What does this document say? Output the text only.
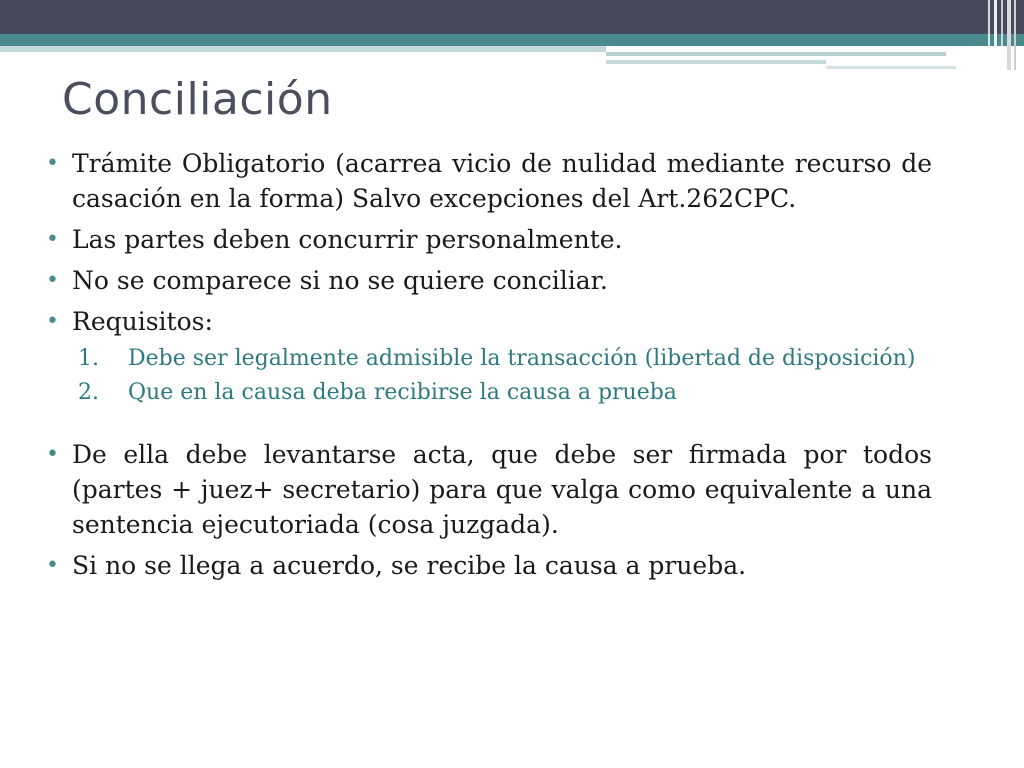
Conciliación
• Trámite Obligatorio (acarrea vicio de nulidad mediante recurso de casación en la forma) Salvo excepciones del Art.262CPC.
• Las partes deben concurrir personalmente.
• No se comparece si no se quiere conciliar.
• Requisitos:
1. Debe ser legalmente admisible la transacción (libertad de disposición)
2. Que en la causa deba recibirse la causa a prueba
• De ella debe levantarse acta, que debe ser firmada por todos (partes + juez+ secretario) para que valga como equivalente a una sentencia ejecutoriada (cosa juzgada).
• Si no se llega a acuerdo, se recibe la causa a prueba.
